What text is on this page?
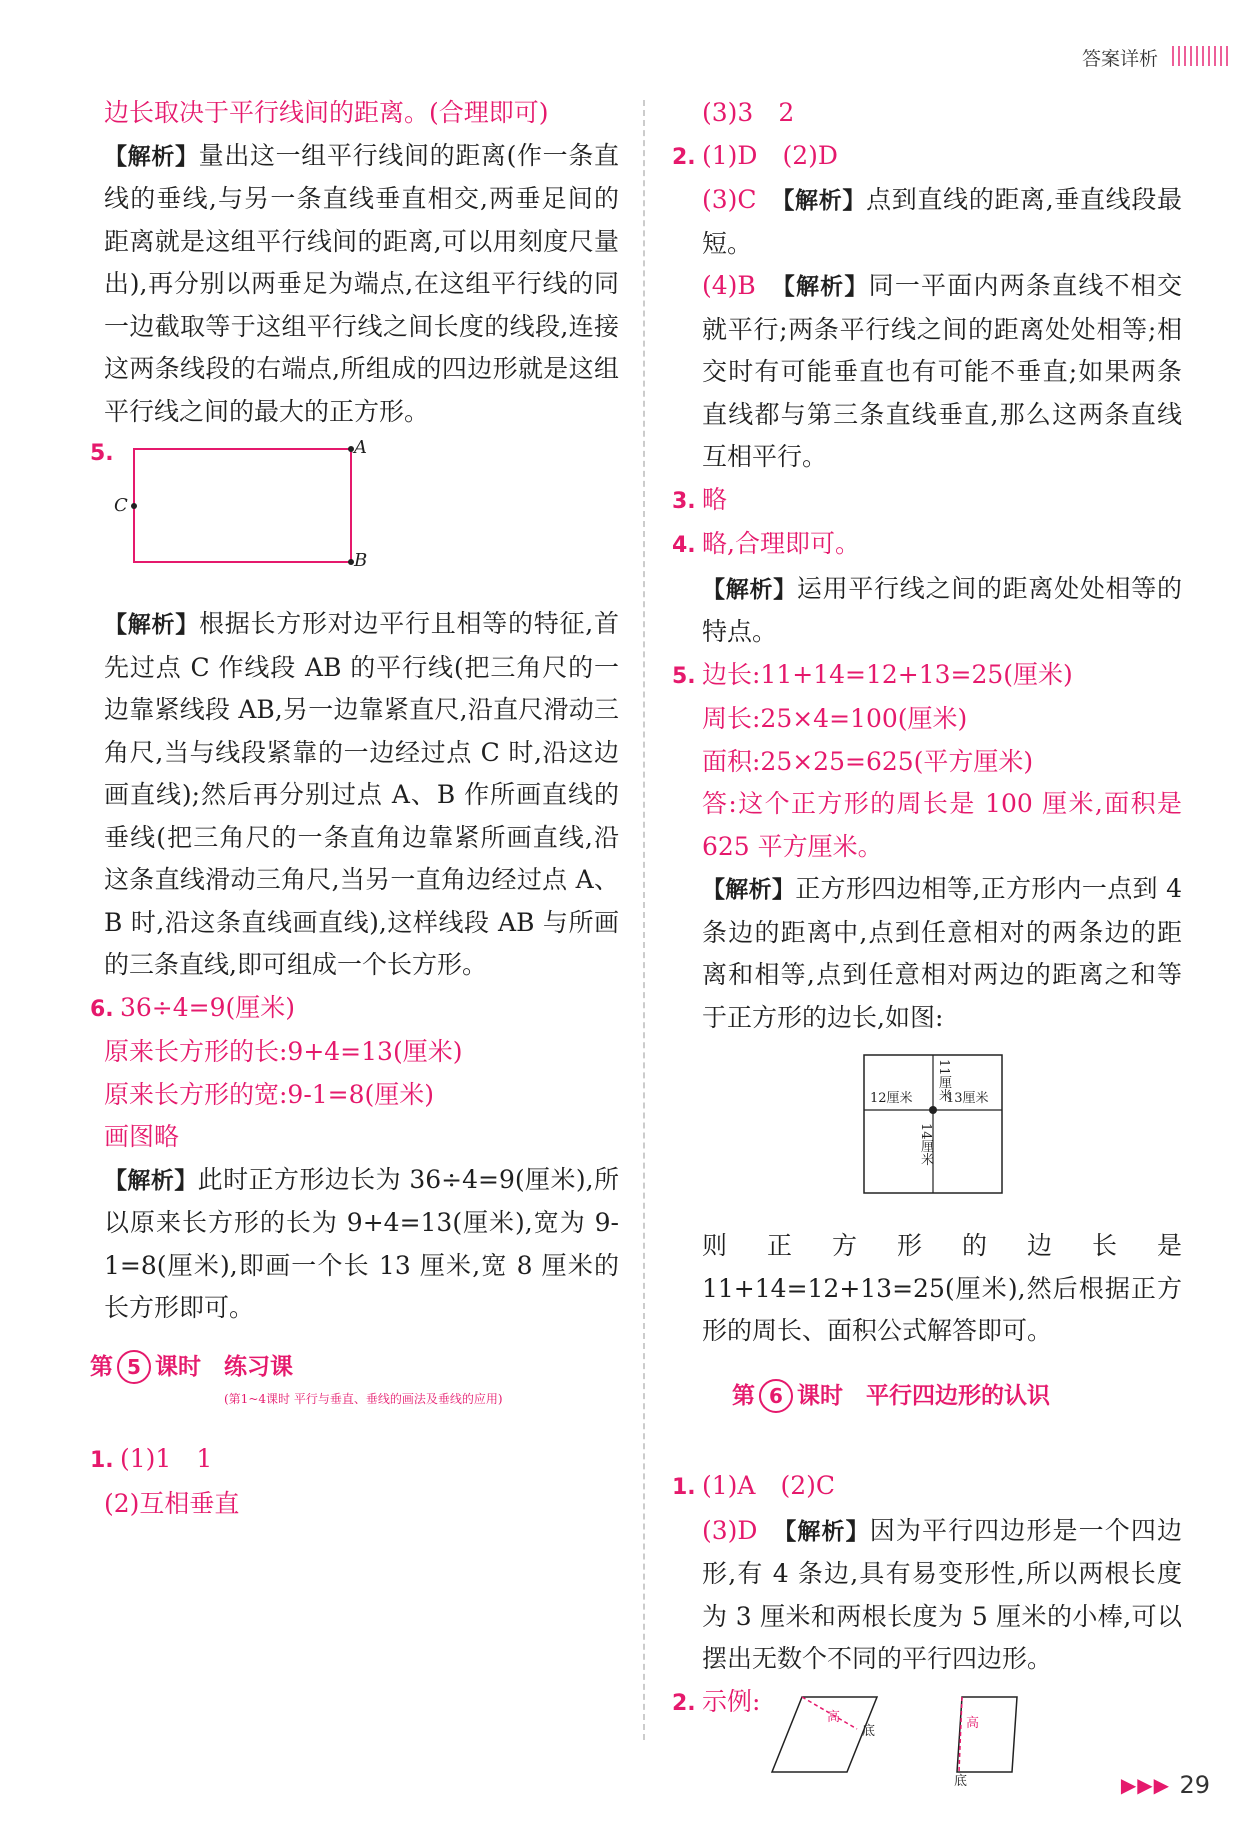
答案详析

边长取决于平行线间的距离。(合理即可)

【解析】量出这一组平行线间的距离(作一条直线的垂线,与另一条直线垂直相交,两垂足间的距离就是这组平行线间的距离,可以用刻度尺量出),再分别以两垂足为端点,在这组平行线的同一边截取等于这组平行线之间长度的线段,连接这两条线段的右端点,所组成的四边形就是这组平行线之间的最大的正方形。

5.	A
B
C

【解析】根据长方形对边平行且相等的特征,首先过点 C 作线段 AB 的平行线(把三角尺的一边靠紧线段 AB,另一边靠紧直尺,沿直尺滑动三角尺,当与线段紧靠的一边经过点 C 时,沿这边画直线);然后再分别过点 A、B 作所画直线的垂线(把三角尺的一条直角边靠紧所画直线,沿这条直线滑动三角尺,当另一直角边经过点 A、B 时,沿这条直线画直线),这样线段 AB 与所画的三条直线,即可组成一个长方形。

6. 36÷4=9(厘米)

原来长方形的长:9+4=13(厘米)

原来长方形的宽:9-1=8(厘米)

画图略

【解析】此时正方形边长为 36÷4=9(厘米),所以原来长方形的长为 9+4=13(厘米),宽为 9-1=8(厘米),即画一个长 13 厘米,宽 8 厘米的长方形即可。

第 5 课时　 练习课

(第1~4课时 平行与垂直、垂线的画法及垂线的应用)

1. (1)1　1

(2)互相垂直

(3)3　2

2. (1)D　(2)D

(3)C　 【解析】点到直线的距离,垂直线段最短。

(4)B　 【解析】同一平面内两条直线不相交就平行;两条平行线之间的距离处处相等;相交时有可能垂直也有可能不垂直;如果两条直线都与第三条直线垂直,那么这两条直线互相平行。

3. 略

4. 略,合理即可。

【解析】运用平行线之间的距离处处相等的特点。

5. 边长:11+14=12+13=25(厘米)

周长:25×4=100(厘米)

面积:25×25=625(平方厘米)

答:这个正方形的周长是 100 厘米,面积是 625 平方厘米。

【解析】正方形四边相等,正方形内一点到 4 条边的距离中,点到任意相对的两条边的距离和相等,点到任意相对两边的距离之和等于正方形的边长,如图:

11厘米
12厘米	13厘米
14厘米

则正方形的边长是 11+14=12+13=25(厘米),然后根据正方形的周长、面积公式解答即可。

第 6 课时　 平行四边形的认识

1. (1)A　(2)C

(3)D　 【解析】因为平行四边形是一个四边形,有 4 条边,具有易变形性,所以两根长度为 3 厘米和两根长度为 5 厘米的小棒,可以摆出无数个不同的平行四边形。

2. 示例:
高
底
高
底	▶▶▶ 29
